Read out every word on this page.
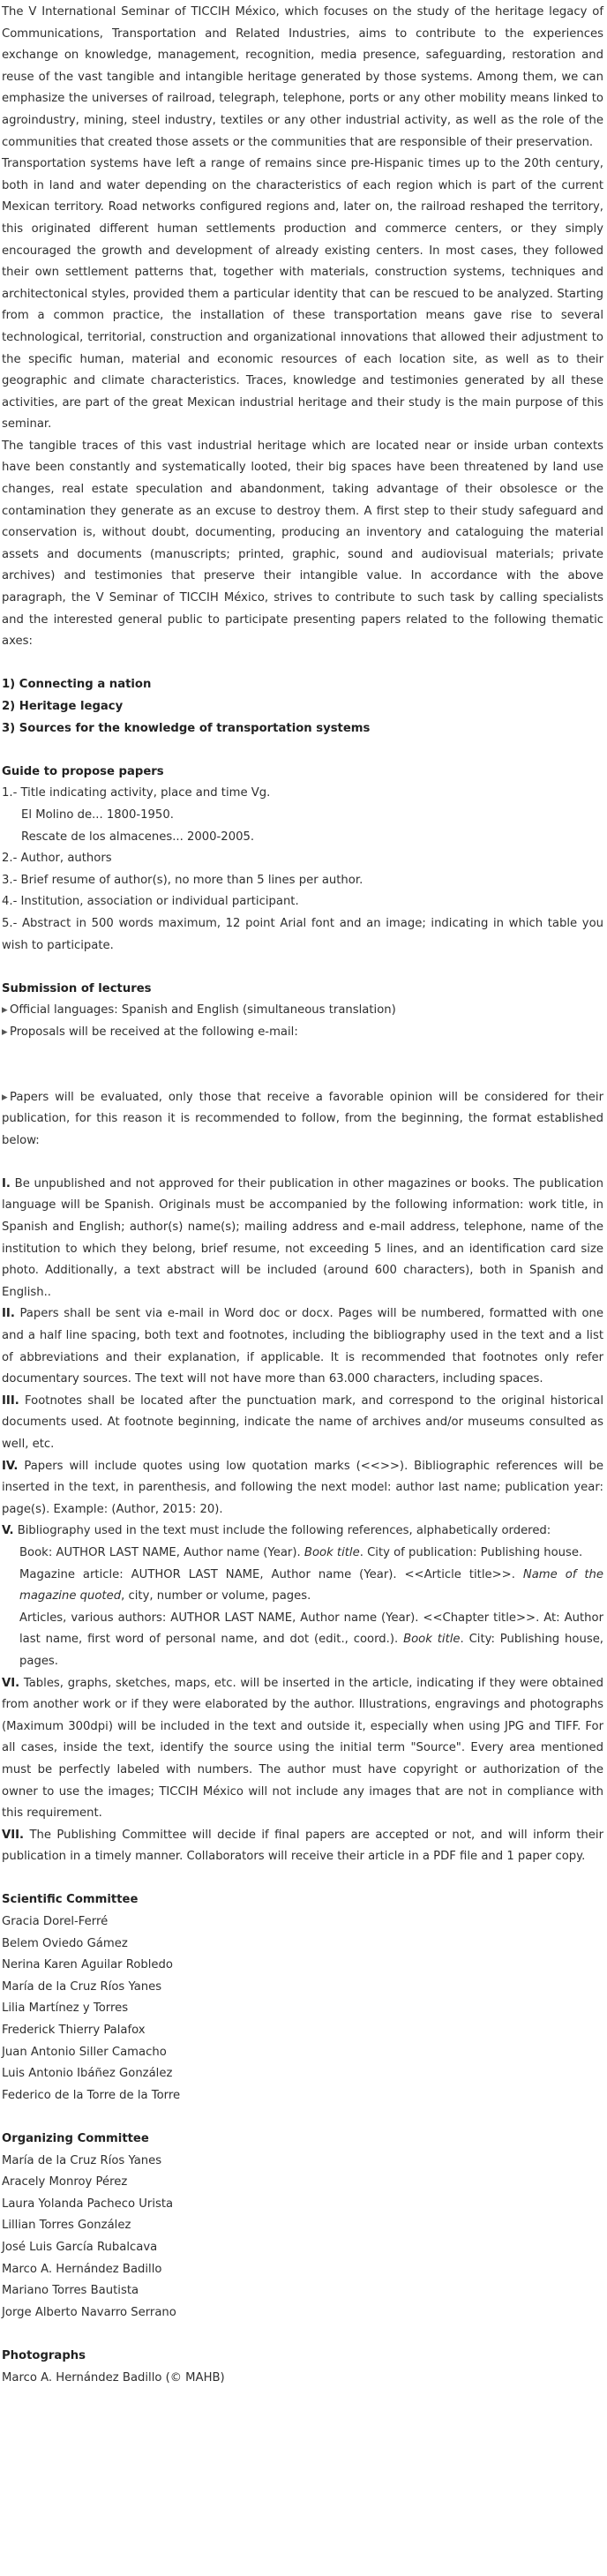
The V International Seminar of TICCIH México, which focuses on the study of the heritage legacy of Communications, Transportation and Related Industries, aims to contribute to the experiences exchange on knowledge, management, recognition, media presence, safeguarding, restoration and reuse of the vast tangible and intangible heritage generated by those systems. Among them, we can emphasize the universes of railroad, telegraph, telephone, ports or any other mobility means linked to agroindustry, mining, steel industry, textiles or any other industrial activity, as well as the role of the communities that created those assets or the communities that are responsible of their preservation.

Transportation systems have left a range of remains since pre-Hispanic times up to the 20th century, both in land and water depending on the characteristics of each region which is part of the current Mexican territory. Road networks configured regions and, later on, the railroad reshaped the territory, this originated different human settlements production and commerce centers, or they simply encouraged the growth and development of already existing centers. In most cases, they followed their own settlement patterns that, together with materials, construction systems, techniques and architectonical styles, provided them a particular identity that can be rescued to be analyzed. Starting from a common practice, the installation of these transportation means gave rise to several technological, territorial, construction and organizational innovations that allowed their adjustment to the specific human, material and economic resources of each location site, as well as to their geographic and climate characteristics. Traces, knowledge and testimonies generated by all these activities, are part of the great Mexican industrial heritage and their study is the main purpose of this seminar.

The tangible traces of this vast industrial heritage which are located near or inside urban contexts have been constantly and systematically looted, their big spaces have been threatened by land use changes, real estate speculation and abandonment, taking advantage of their obsolesce or the contamination they generate as an excuse to destroy them. A first step to their study safeguard and conservation is, without doubt, documenting, producing an inventory and cataloguing the material assets and documents (manuscripts; printed, graphic, sound and audiovisual materials; private archives) and testimonies that preserve their intangible value. In accordance with the above paragraph, the V Seminar of TICCIH México, strives to contribute to such task by calling specialists and the interested general public to participate presenting papers related to the following thematic axes:

1) Connecting a nation

2) Heritage legacy

3) Sources for the knowledge of transportation systems

Guide to propose papers

1.- Title indicating activity, place and time Vg.

El Molino de... 1800-1950.

Rescate de los almacenes... 2000-2005.

2.- Author, authors

3.- Brief resume of author(s), no more than 5 lines per author.

4.- Institution, association or individual participant.

5.- Abstract in 500 words maximum, 12 point Arial font and an image; indicating in which table you wish to participate.

Submission of lectures

▸ Official languages: Spanish and English (simultaneous translation)

▸ Proposals will be received at the following e-mail:

▸ Papers will be evaluated, only those that receive a favorable opinion will be considered for their publication, for this reason it is recommended to follow, from the beginning, the format established below:

I. Be unpublished and not approved for their publication in other magazines or books. The publication language will be Spanish. Originals must be accompanied by the following information: work title, in Spanish and English; author(s) name(s); mailing address and e-mail address, telephone, name of the institution to which they belong, brief resume, not exceeding 5 lines, and an identification card size photo. Additionally, a text abstract will be included (around 600 characters), both in Spanish and English..

II. Papers shall be sent via e-mail in Word doc or docx. Pages will be numbered, formatted with one and a half line spacing, both text and footnotes, including the bibliography used in the text and a list of abbreviations and their explanation, if applicable. It is recommended that footnotes only refer documentary sources. The text will not have more than 63.000 characters, including spaces.

III. Footnotes shall be located after the punctuation mark, and correspond to the original historical documents used. At footnote beginning, indicate the name of archives and/or museums consulted as well, etc.

IV. Papers will include quotes using low quotation marks (<<>>). Bibliographic references will be inserted in the text, in parenthesis, and following the next model: author last name; publication year: page(s). Example: (Author, 2015: 20).

V. Bibliography used in the text must include the following references, alphabetically ordered:

Book: AUTHOR LAST NAME, Author name (Year). Book title. City of publication: Publishing house.

Magazine article: AUTHOR LAST NAME, Author name (Year). <<Article title>>. Name of the magazine quoted, city, number or volume, pages.

Articles, various authors: AUTHOR LAST NAME, Author name (Year). <<Chapter title>>. At: Author last name, first word of personal name, and dot (edit., coord.). Book title. City: Publishing house, pages.

VI. Tables, graphs, sketches, maps, etc. will be inserted in the article, indicating if they were obtained from another work or if they were elaborated by the author. Illustrations, engravings and photographs (Maximum 300dpi) will be included in the text and outside it, especially when using JPG and TIFF. For all cases, inside the text, identify the source using the initial term "Source". Every area mentioned must be perfectly labeled with numbers. The author must have copyright or authorization of the owner to use the images; TICCIH México will not include any images that are not in compliance with this requirement.

VII. The Publishing Committee will decide if final papers are accepted or not, and will inform their publication in a timely manner. Collaborators will receive their article in a PDF file and 1 paper copy.

Scientific Committee

Gracia Dorel-Ferré
Belem Oviedo Gámez
Nerina Karen Aguilar Robledo
María de la Cruz Ríos Yanes
Lilia Martínez y Torres
Frederick Thierry Palafox
Juan Antonio Siller Camacho
Luis Antonio Ibáñez González
Federico de la Torre de la Torre

Organizing Committee

María de la Cruz Ríos Yanes
Aracely Monroy Pérez
Laura Yolanda Pacheco Urista
Lillian Torres González
José Luis García Rubalcava
Marco A. Hernández Badillo
Mariano Torres Bautista
Jorge Alberto Navarro Serrano

Photographs

Marco A. Hernández Badillo (© MAHB)
